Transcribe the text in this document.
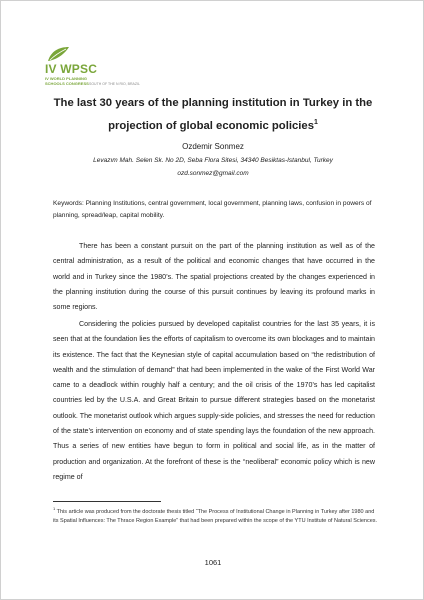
IV WPSC
IV WORLD PLANNING
SCHOOLS CONGRESS SOUTH OF THE N RIO, BRAZIL
The last 30 years of the planning institution in Turkey in the projection of global economic policies$^1$
Ozdemir Sonmez
Levazım Mah. Selen Sk. No 2D, Seba Flora Sitesi, 34340 Besiktas-Istanbul, Turkey
ozd.sonmez@gmail.com
Keywords: Planning Institutions, central government, local government, planning laws, confusion in powers of planning, spread/leap, capital mobility.

There has been a constant pursuit on the part of the planning institution as well as of the central administration, as a result of the political and economic changes that have occurred in the world and in Turkey since the 1980’s. The spatial projections created by the changes experienced in the planning institution during the course of this pursuit continues by leaving its profound marks in some regions.

Considering the policies pursued by developed capitalist countries for the last 35 years, it is seen that at the foundation lies the efforts of capitalism to overcome its own blockages and to maintain its existence. The fact that the Keynesian style of capital accumulation based on “the redistribution of wealth and the stimulation of demand” that had been implemented in the wake of the First World War came to a deadlock within roughly half a century; and the oil crisis of the 1970’s has led capitalist countries led by the U.S.A. and Great Britain to pursue different strategies based on the monetarist outlook. The monetarist outlook which argues supply-side policies, and stresses the need for reduction of the state’s intervention on economy and of state spending lays the foundation of the new approach. Thus a series of new entities have begun to form in political and social life, as in the matter of production and organization. At the forefront of these is the “neoliberal” economic policy which is new regime of

$^1$ This article was produced from the doctorate thesis titled “The Process of Institutional Change in Planning in Turkey after 1980 and its Spatial Influences: The Thrace Region Example” that had been prepared within the scope of the YTU Institute of Natural Sciences.

1061
